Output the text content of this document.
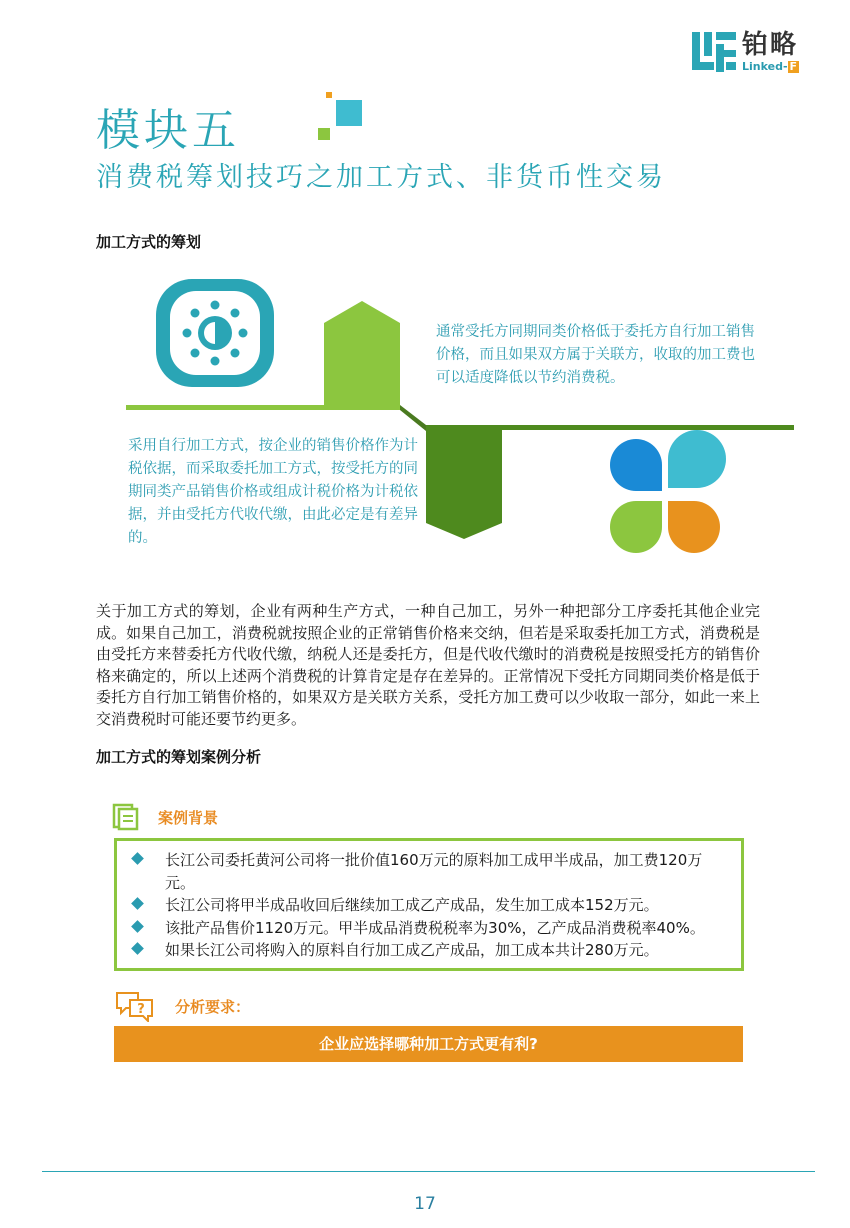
铂略
Linked- F
模块五
消费税筹划技巧之加工方式、非货币性交易
加工方式的筹划
通常受托方同期同类价格低于委托方自行加工销售价格，而且如果双方属于关联方，收取的加工费也可以适度降低以节约消费税。
采用自行加工方式，按企业的销售价格作为计税依据，而采取委托加工方式，按受托方的同期同类产品销售价格或组成计税价格为计税依据，并由受托方代收代缴，由此必定是有差异的。
关于加工方式的筹划，企业有两种生产方式，一种自己加工，另外一种把部分工序委托其他企业完成。如果自己加工，消费税就按照企业的正常销售价格来交纳，但若是采取委托加工方式，消费税是由受托方来替委托方代收代缴，纳税人还是委托方，但是代收代缴时的消费税是按照受托方的销售价格来确定的，所以上述两个消费税的计算肯定是存在差异的。正常情况下受托方同期同类价格是低于委托方自行加工销售价格的，如果双方是关联方关系，受托方加工费可以少收取一部分，如此一来上交消费税时可能还要节约更多。
加工方式的筹划案例分析
案例背景
长江公司委托黄河公司将一批价值160万元的原料加工成甲半成品，加工费120万元。
长江公司将甲半成品收回后继续加工成乙产成品，发生加工成本152万元。
该批产品售价1120万元。甲半成品消费税税率为30%，乙产成品消费税率40%。
如果长江公司将购入的原料自行加工成乙产成品，加工成本共计280万元。
? 分析要求：
企业应选择哪种加工方式更有利?
17
